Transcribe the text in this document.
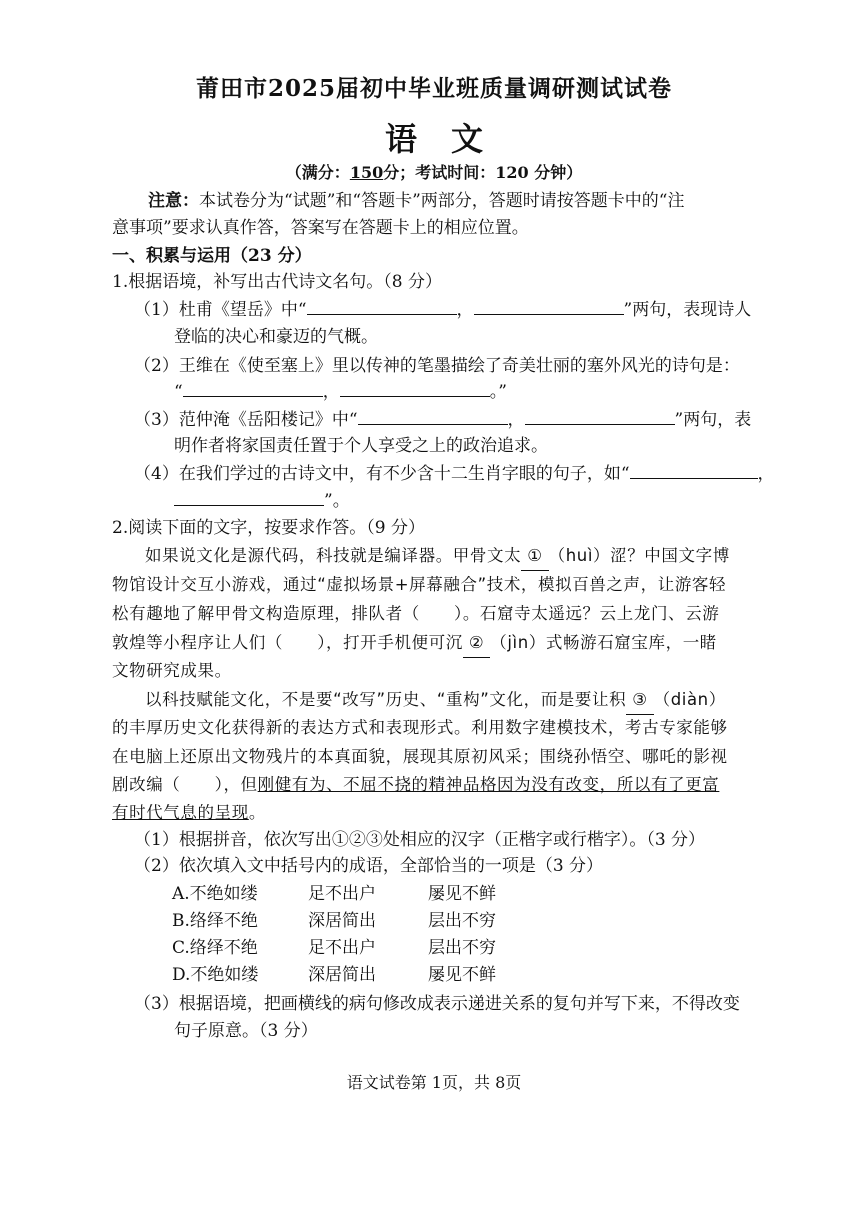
莆田市2025届初中毕业班质量调研测试试卷
语文
（满分：150分；考试时间：120 分钟）
注意：本试卷分为“试题”和“答题卡”两部分，答题时请按答题卡中的“注
意事项”要求认真作答，答案写在答题卡上的相应位置。
一、积累与运用（23 分）
1.根据语境，补写出古代诗文名句。（8 分）
（1）杜甫《望岳》中“	，	”两句，表现诗人
登临的决心和豪迈的气概。
（2）王维在《使至塞上》里以传神的笔墨描绘了奇美壮丽的塞外风光的诗句是：
“	，	。”
（3）范仲淹《岳阳楼记》中“	，	”两句，表
明作者将家国责任置于个人享受之上的政治追求。
（4）在我们学过的古诗文中，有不少含十二生肖字眼的句子，如“	，
”。
2.阅读下面的文字，按要求作答。（9 分）
如果说文化是源代码，科技就是编译器。甲骨文太 ① （huì）涩？中国文字博
物馆设计交互小游戏，通过“虚拟场景+屏幕融合”技术，模拟百兽之声，让游客轻
松有趣地了解甲骨文构造原理，排队者（　　）。石窟寺太遥远？云上龙门、云游
敦煌等小程序让人们（　　），打开手机便可沉 ② （jìn）式畅游石窟宝库，一睹
文物研究成果。
以科技赋能文化，不是要“改写”历史、“重构”文化，而是要让积 ③ （diàn）
的丰厚历史文化获得新的表达方式和表现形式。利用数字建模技术，考古专家能够
在电脑上还原出文物残片的本真面貌，展现其原初风采；围绕孙悟空、哪吒的影视
剧改编（　　），但刚健有为、不屈不挠的精神品格因为没有改变，所以有了更富
有时代气息的呈现。
（1）根据拼音，依次写出①②③处相应的汉字（正楷字或行楷字）。（3 分）
（2）依次填入文中括号内的成语，全部恰当的一项是（3 分）
A.不绝如缕	足不出户	屡见不鲜
B.络绎不绝	深居简出	层出不穷
C.络绎不绝	足不出户	层出不穷
D.不绝如缕	深居简出	屡见不鲜
（3）根据语境，把画横线的病句修改成表示递进关系的复句并写下来，不得改变
句子原意。（3 分）
语文试卷第 1页，共 8页
